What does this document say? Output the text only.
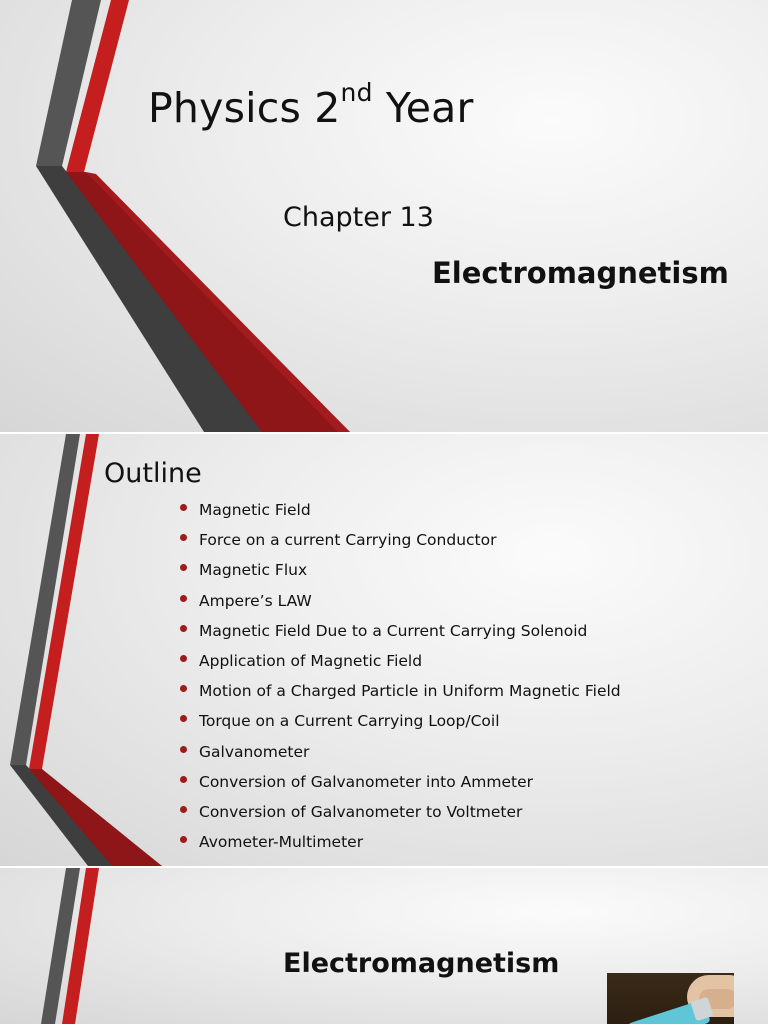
Physics 2nd Year

Chapter 13

Electromagnetism

Outline
Magnetic Field
Force on a current Carrying Conductor
Magnetic Flux
Ampere’s LAW
Magnetic Field Due to a Current Carrying Solenoid
Application of Magnetic Field
Motion of a Charged Particle in Uniform Magnetic Field
Torque on a Current Carrying Loop/Coil
Galvanometer
Conversion of Galvanometer into Ammeter
Conversion of Galvanometer to Voltmeter
Avometer-Multimeter
Electromagnetism
